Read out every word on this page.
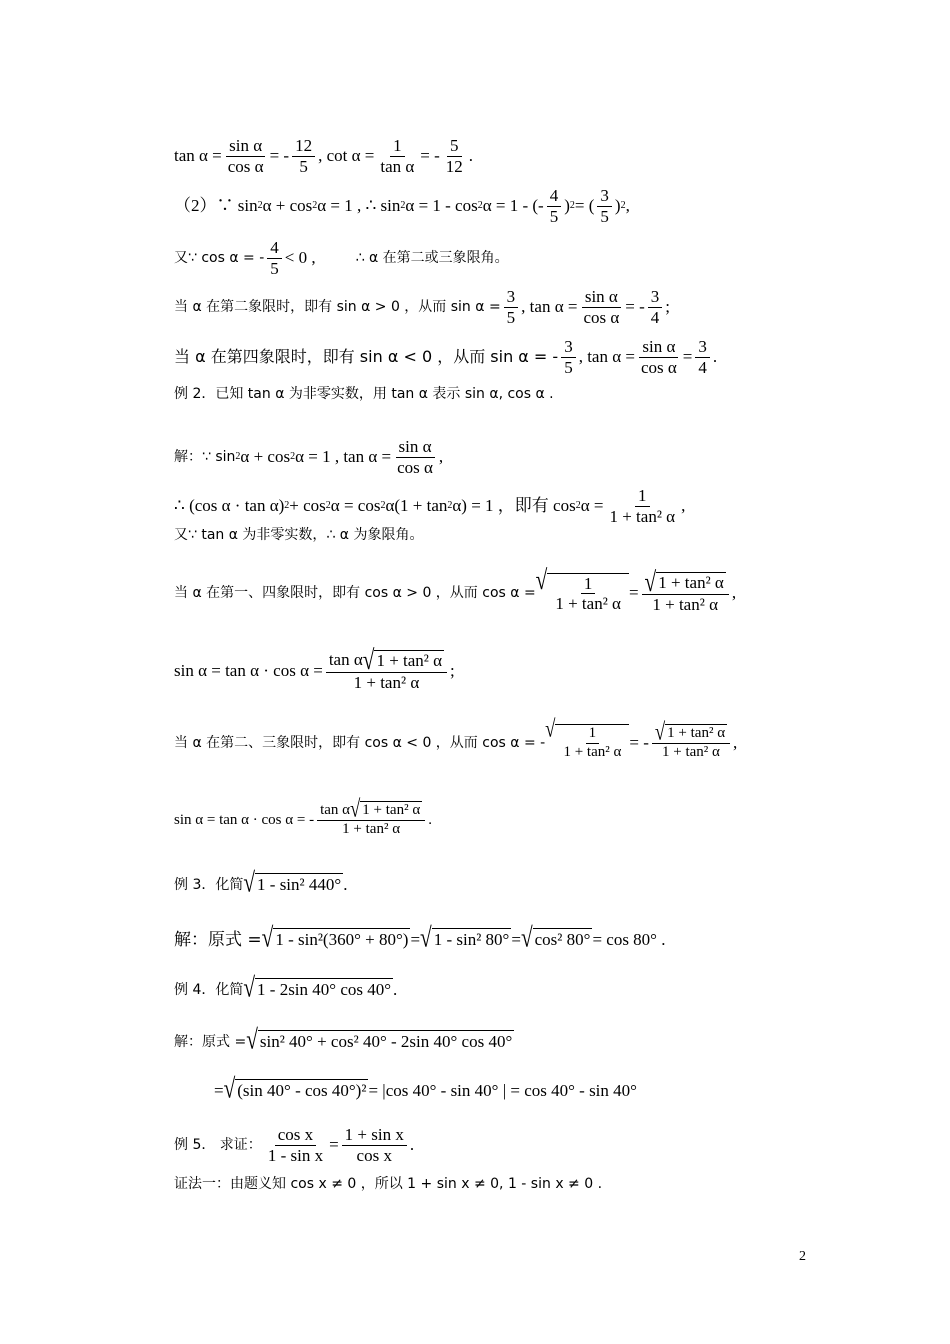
$\tan \alpha = \frac{\text{sin α}}{\text{cos α}}$ = - $\frac{12}{5}$ , $\cot \alpha = \frac{1}{\text{tan α}}$ = - $\frac{5}{12}$ .
（2）∵ sin 2 α + cos 2 α = 1 , ∴ sin 2 α = 1 - cos 2 α = 1 - (- $\frac{4}{5}$ ) 2 = ( $\frac{3}{5}$ ) 2 ,
又∵ cos α = - $\frac{4}{5} < 0$ ,	∴ α 在第二或三象限角。
当 α 在第二象限时，即有 sin α > 0 ，从而 $\sin \alpha = \frac{3}{5}$ , $\tan \alpha = \frac{\text{sin α}}{\text{cos α}}$ = - $\frac{3}{4}$ ;
当 α 在第四象限时，即有 sin α < 0 ，从而 sin α = - $\frac{3}{5}$ , $\tan \alpha = \frac{\text{sin α}}{\text{cos α}} = \frac{3}{4}$ .
例 2．已知 tan α 为非零实数，用 tan α 表示 sin α, cos α .
解：∵ sin 2 α + cos 2 α = 1 , $\tan \alpha = \frac{\text{sin α}}{\text{cos α}}$ ,
∴ (cos α · tan α) 2 + cos 2 α = cos 2 α(1 + tan 2 α) = 1 ，即有 cos 2 $\alpha = \frac{1}{\text{1 + tan² α}}$ ,
又∵ tan α 为非零实数，∴ α 为象限角。
当 α 在第一、四象限时，即有 cos α > 0 ，从而 cos α = √ $\frac{1}{\text{1 + tan² α}} = \frac{\text{√ 1 + tan² α}}{\text{1 + tan² α}}$ ,
$\sin \alpha = \tan \alpha \cdot \cos \alpha = \frac{\text{tan α √ 1 + tan² α}}{\text{1 + tan² α}}$ ;
当 α 在第二、三象限时，即有 cos α < 0 ，从而 cos α = - √ $\frac{1}{\text{1 + tan² α}}$ = - $\frac{\text{√ 1 + tan² α}}{\text{1 + tan² α}}$ ,
sin α = tan α · cos α = - $\frac{\text{tan α √ 1 + tan² α}}{\text{1 + tan² α}}$ .
例 3．化简 √ 1 - sin² 440° .
解：原式 = √ 1 - sin²(360° + 80°) = √ 1 - sin² 80° = √ cos² 80° = cos 80° .
例 4．化简 √ 1 - 2sin 40° cos 40° .
解：原式 = √ sin² 40° + cos² 40° - 2sin 40° cos 40°
= √ (sin 40° - cos 40°)² = |cos 40° - sin 40° | = cos 40° - sin 40°
例 5． 求证： $\frac{\text{cos x}}{\text{1 - sin x}} = \frac{\text{1 + sin x}}{\text{cos x}}$ .
证法一：由题义知 cos x ≠ 0 ，所以 1 + sin x ≠ 0, 1 - sin x ≠ 0 .
2
